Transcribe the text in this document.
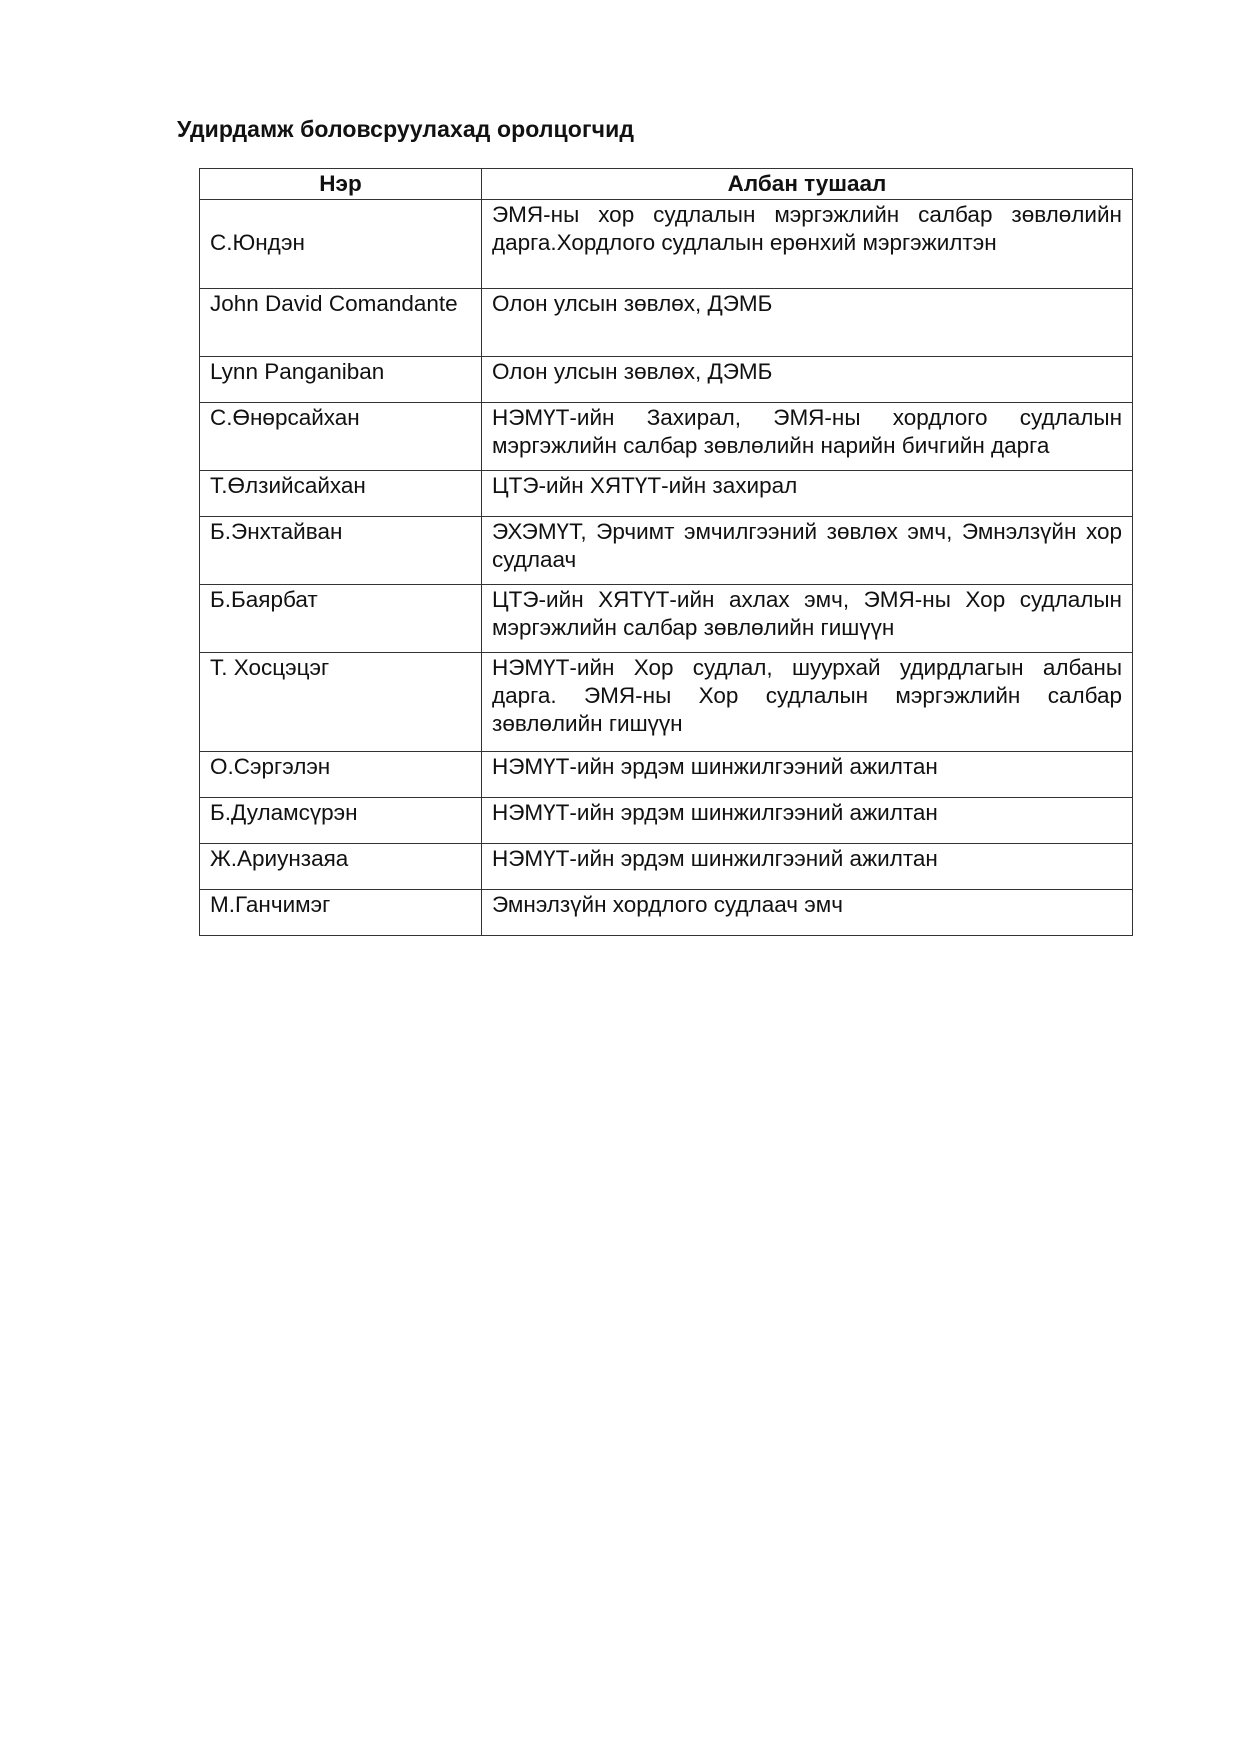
Удирдамж боловсруулахад оролцогчид
Нэр	Албан тушаал
С.Юндэн	ЭМЯ-ны хор судлалын мэргэжлийн салбар зөвлөлийн дарга.Хордлого судлалын ерөнхий мэргэжилтэн
John David Comandante	Олон улсын зөвлөх, ДЭМБ
Lynn Panganiban	Олон улсын зөвлөх, ДЭМБ
С.Өнөрсайхан	НЭМҮТ-ийн Захирал, ЭМЯ-ны хордлого судлалын мэргэжлийн салбар зөвлөлийн нарийн бичгийн дарга
Т.Өлзийсайхан	ЦТЭ-ийн ХЯТҮТ-ийн захирал
Б.Энхтайван	ЭХЭМҮТ, Эрчимт эмчилгээний зөвлөх эмч, Эмнэлзүйн хор судлаач
Б.Баярбат	ЦТЭ-ийн ХЯТҮТ-ийн ахлах эмч, ЭМЯ-ны Хор судлалын мэргэжлийн салбар зөвлөлийн гишүүн
Т. Хосцэцэг	НЭМҮТ-ийн Хор судлал, шуурхай удирдлагын албаны дарга. ЭМЯ-ны Хор судлалын мэргэжлийн салбар зөвлөлийн гишүүн
О.Сэргэлэн	НЭМҮТ-ийн эрдэм шинжилгээний ажилтан
Б.Дуламсүрэн	НЭМҮТ-ийн эрдэм шинжилгээний ажилтан
Ж.Ариунзаяа	НЭМҮТ-ийн эрдэм шинжилгээний ажилтан
М.Ганчимэг	Эмнэлзүйн хордлого судлаач эмч
